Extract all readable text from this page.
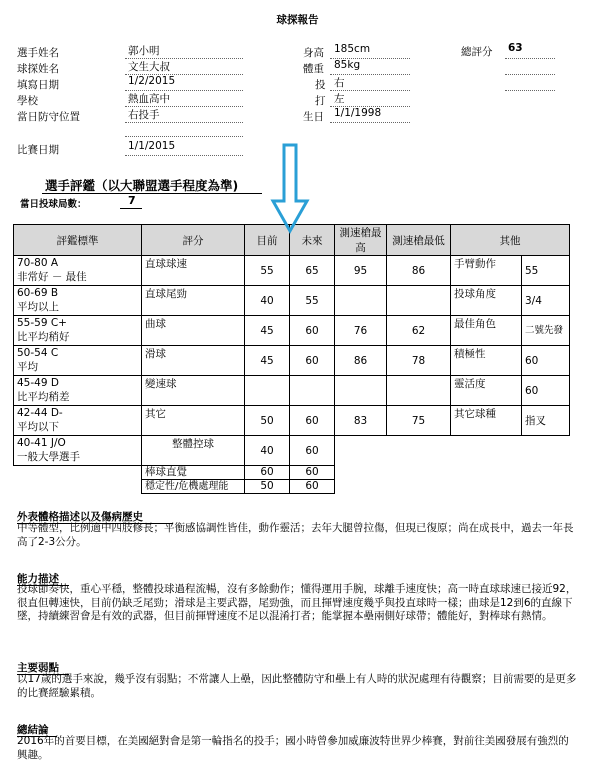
球探報告
選手姓名	郭小明
球探姓名	文生大叔
填寫日期	1/2/2015
學校	熱血高中
當日防守位置	右投手
身高 185cm
體重 85kg
投 右
打 左
生日 1/1/1998
總評分 63
比賽日期	1/1/2015
選手評鑑（以大聯盟選手程度為準)
當日投球局數：	7
評鑑標準	評分	目前	未來	測速槍最高	測速槍最低	其他	
70-80 A
非常好 － 最佳	直球球速	55	65	95	86	手臂動作	55
60-69 B
平均以上	直球尾勁	40	55			投球角度	3/4
55-59 C+
比平均稍好	曲球	45	60	76	62	最佳角色	二號先發
50-54 C
平均	滑球	45	60	86	78	積極性	60
45-49 D
比平均稍差	變速球					靈活度	60
42-44 D-
平均以下	其它	50	60	83	75	其它球種	指叉
40-41 J/O
一般大學選手	整體控球	40	60				
	棒球直覺	60	60				
	穩定性/危機處理能	50	60				
外表體格描述以及傷病歷史
中等體型，比例適中四肢修長；平衡感協調性皆佳，動作靈活；去年大腿曾拉傷，但現已復原；尚在成長中，過去一年長高了2-3公分。
能力描述
投球節奏快，重心平穩，整體投球過程流暢，沒有多餘動作；懂得運用手腕，球離手速度快；高一時直球球速已接近92，很直但轉速快，目前仍缺乏尾勁；滑球是主要武器，尾勁強，而且揮臂速度幾乎與投直球時一樣；曲球是12到6的直線下墜，持續練習會是有效的武器，但目前揮臂速度不足以混淆打者；能掌握本壘兩側好球帶；體能好，對棒球有熱情。
主要弱點
以17歲的選手來說，幾乎沒有弱點；不常讓人上壘，因此整體防守和壘上有人時的狀況處理有待觀察；目前需要的是更多的比賽經驗累積。
總結論
2016年的首要目標，在美國絕對會是第一輪指名的投手；國小時曾參加威廉波特世界少棒賽，對前往美國發展有強烈的興趣。
